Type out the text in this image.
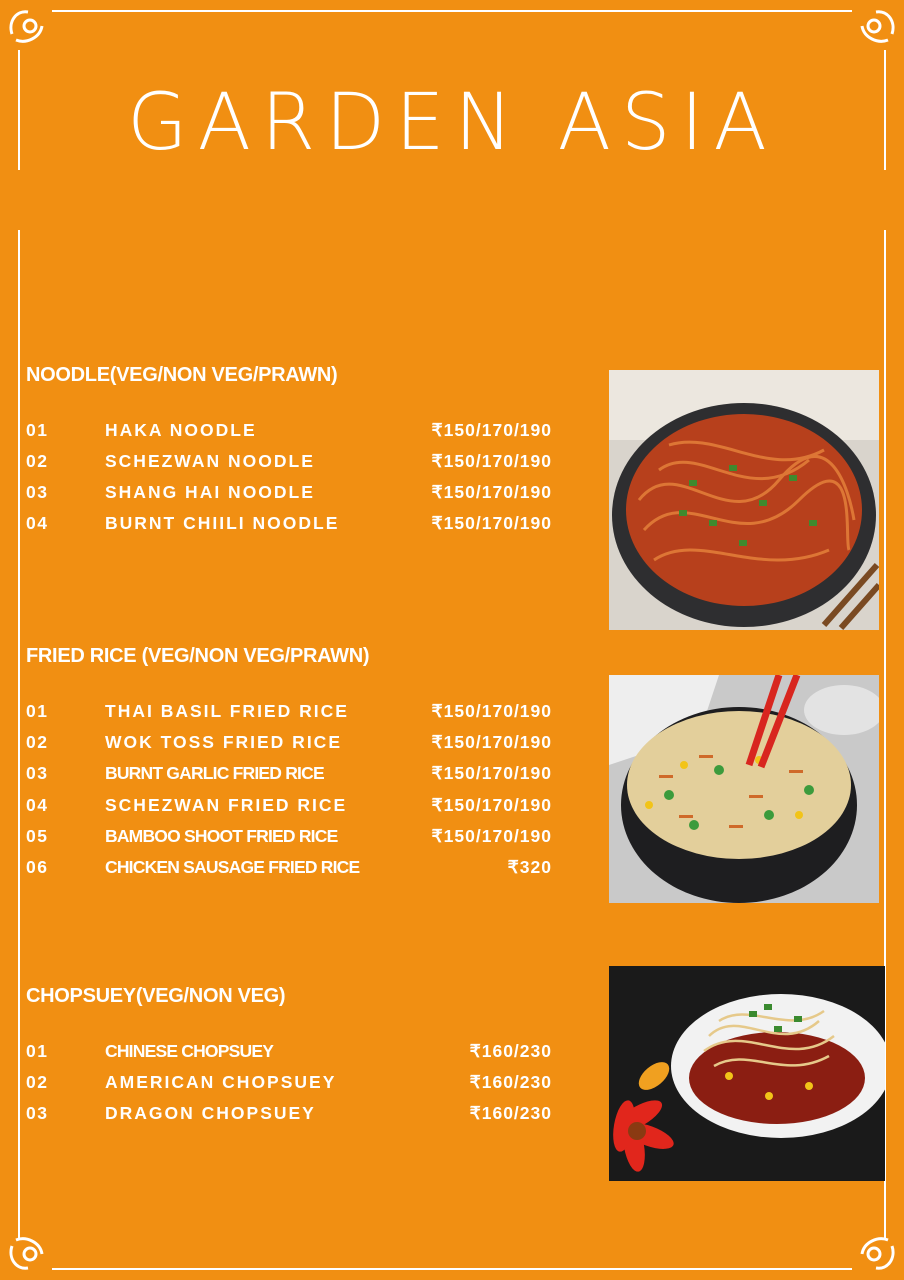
GARDEN ASIA
NOODLE(VEG/NON VEG/PRAWN)
01	HAKA NOODLE	₹150/170/190
02	SCHEZWAN NOODLE	₹150/170/190
03	SHANG HAI NOODLE	₹150/170/190
04	BURNT CHIILI NOODLE	₹150/170/190
FRIED RICE (VEG/NON VEG/PRAWN)
01	THAI BASIL FRIED RICE	₹150/170/190
02	WOK TOSS FRIED RICE	₹150/170/190
03	BURNT GARLIC FRIED RICE	₹150/170/190
04	SCHEZWAN FRIED RICE	₹150/170/190
05	BAMBOO SHOOT FRIED RICE	₹150/170/190
06	CHICKEN SAUSAGE FRIED RICE	₹320
CHOPSUEY(VEG/NON VEG)
01	CHINESE CHOPSUEY	₹160/230
02	AMERICAN CHOPSUEY	₹160/230
03	DRAGON CHOPSUEY	₹160/230
